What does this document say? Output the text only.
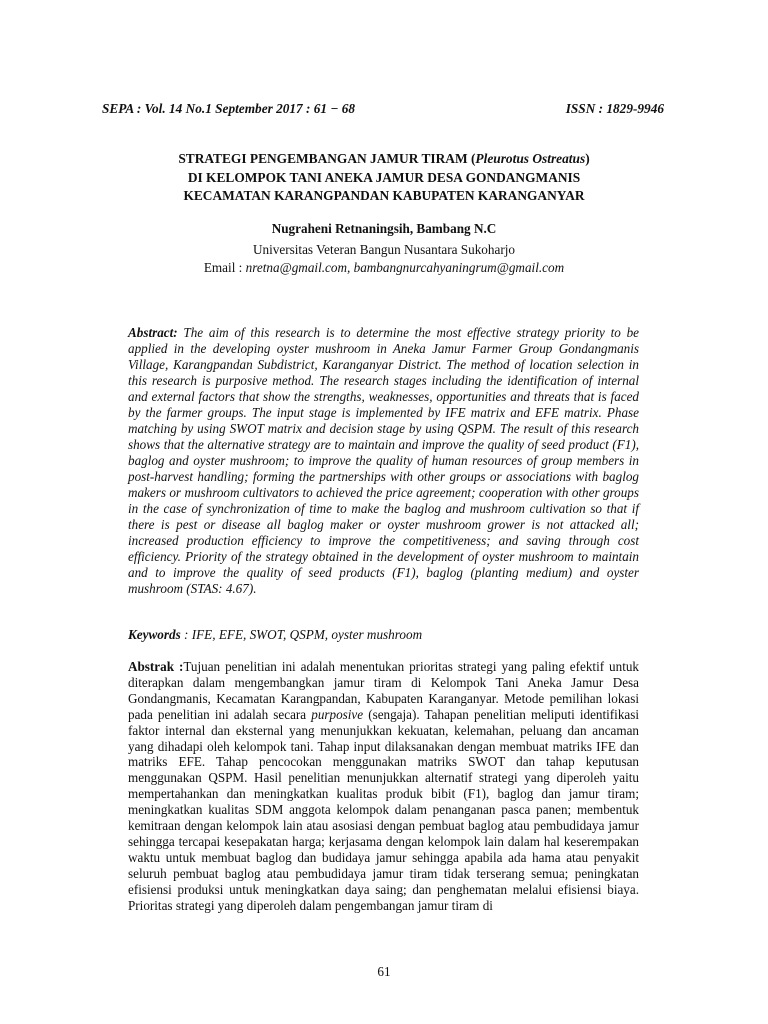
SEPA : Vol. 14 No.1 September 2017 : 61 − 68	ISSN : 1829-9946
STRATEGI PENGEMBANGAN JAMUR TIRAM (Pleurotus Ostreatus)
DI KELOMPOK TANI ANEKA JAMUR DESA GONDANGMANIS
KECAMATAN KARANGPANDAN KABUPATEN KARANGANYAR
Nugraheni Retnaningsih, Bambang N.C
Universitas Veteran Bangun Nusantara Sukoharjo
Email : nretna@gmail.com, bambangnurcahyaningrum@gmail.com
Abstract: The aim of this research is to determine the most effective strategy priority to be applied in the developing oyster mushroom in Aneka Jamur Farmer Group Gondangmanis Village, Karangpandan Subdistrict, Karanganyar District. The method of location selection in this research is purposive method. The research stages including the identification of internal and external factors that show the strengths, weaknesses, opportunities and threats that is faced by the farmer groups. The input stage is implemented by IFE matrix and EFE matrix. Phase matching by using SWOT matrix and decision stage by using QSPM. The result of this research shows that the alternative strategy are to maintain and improve the quality of seed product (F1), baglog and oyster mushroom; to improve the quality of human resources of group members in post-harvest handling; forming the partnerships with other groups or associations with baglog makers or mushroom cultivators to achieved the price agreement; cooperation with other groups in the case of synchronization of time to make the baglog and mushroom cultivation so that if there is pest or disease all baglog maker or oyster mushroom grower is not attacked all; increased production efficiency to improve the competitiveness; and saving through cost efficiency. Priority of the strategy obtained in the development of oyster mushroom to maintain and to improve the quality of seed products (F1), baglog (planting medium) and oyster mushroom (STAS: 4.67).
Keywords : IFE, EFE, SWOT, QSPM, oyster mushroom
Abstrak :Tujuan penelitian ini adalah menentukan prioritas strategi yang paling efektif untuk diterapkan dalam mengembangkan jamur tiram di Kelompok Tani Aneka Jamur Desa Gondangmanis, Kecamatan Karangpandan, Kabupaten Karanganyar. Metode pemilihan lokasi pada penelitian ini adalah secara purposive (sengaja). Tahapan penelitian meliputi identifikasi faktor internal dan eksternal yang menunjukkan kekuatan, kelemahan, peluang dan ancaman yang dihadapi oleh kelompok tani. Tahap input dilaksanakan dengan membuat matriks IFE dan matriks EFE. Tahap pencocokan menggunakan matriks SWOT dan tahap keputusan menggunakan QSPM. Hasil penelitian menunjukkan alternatif strategi yang diperoleh yaitu mempertahankan dan meningkatkan kualitas produk bibit (F1), baglog dan jamur tiram; meningkatkan kualitas SDM anggota kelompok dalam penanganan pasca panen; membentuk kemitraan dengan kelompok lain atau asosiasi dengan pembuat baglog atau pembudidaya jamur sehingga tercapai kesepakatan harga; kerjasama dengan kelompok lain dalam hal keserempakan waktu untuk membuat baglog dan budidaya jamur sehingga apabila ada hama atau penyakit seluruh pembuat baglog atau pembudidaya jamur tiram tidak terserang semua; peningkatan efisiensi produksi untuk meningkatkan daya saing; dan penghematan melalui efisiensi biaya. Prioritas strategi yang diperoleh dalam pengembangan jamur tiram di
61
